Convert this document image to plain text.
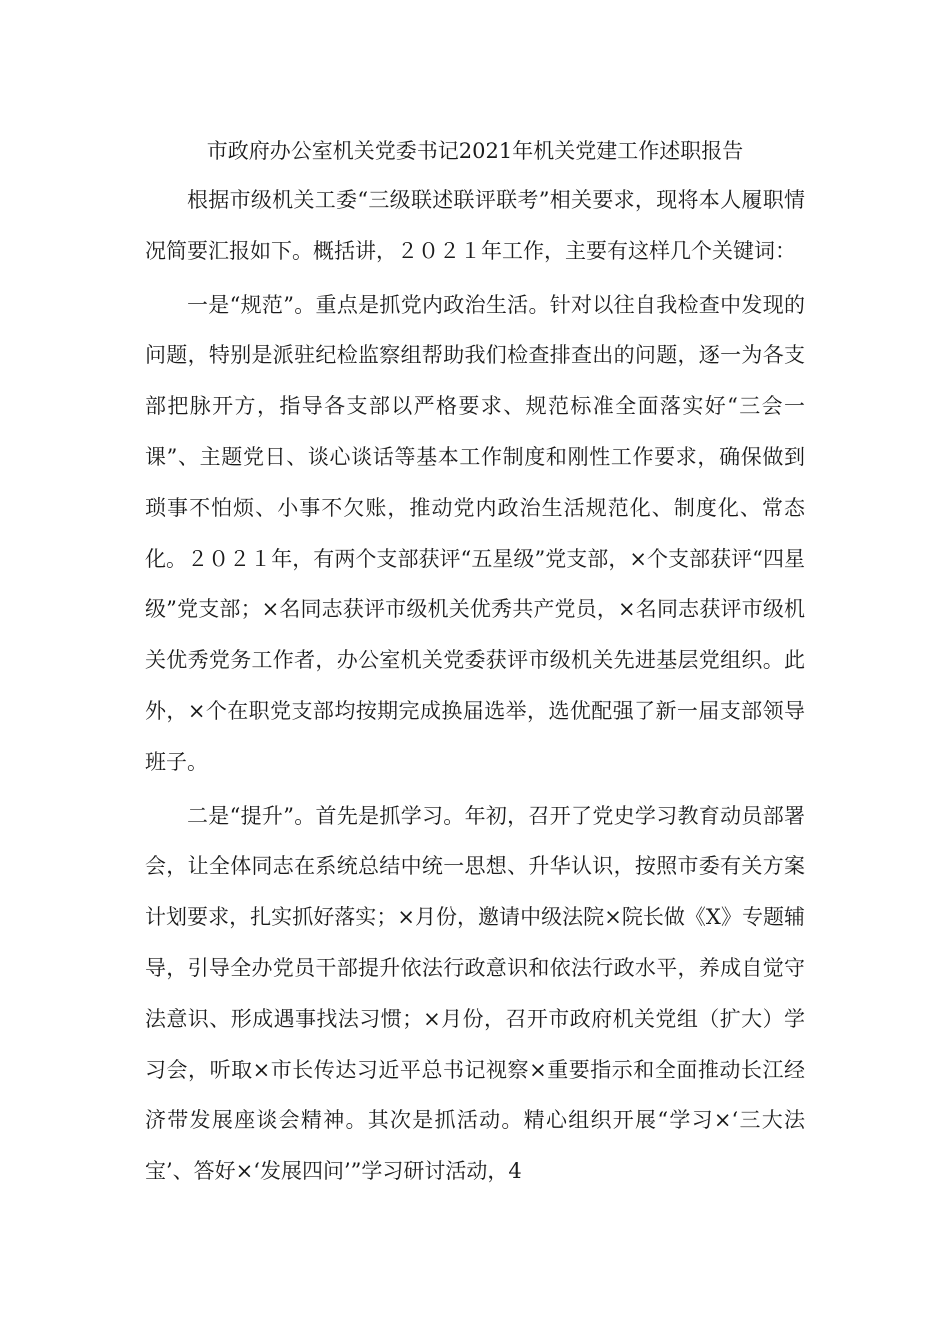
市政府办公室机关党委书记2021年机关党建工作述职报告

根据市级机关工委“三级联述联评联考”相关要求，现将本人履职情况简要汇报如下。概括讲，２０２１年工作，主要有这样几个关键词：

一是“规范”。重点是抓党内政治生活。针对以往自我检查中发现的问题，特别是派驻纪检监察组帮助我们检查排查出的问题，逐一为各支部把脉开方，指导各支部以严格要求、规范标准全面落实好“三会一课”、主题党日、谈心谈话等基本工作制度和刚性工作要求，确保做到琐事不怕烦、小事不欠账，推动党内政治生活规范化、制度化、常态化。２０２１年，有两个支部获评“五星级”党支部，×个支部获评“四星级”党支部；×名同志获评市级机关优秀共产党员，×名同志获评市级机关优秀党务工作者，办公室机关党委获评市级机关先进基层党组织。此外，×个在职党支部均按期完成换届选举，选优配强了新一届支部领导班子。

二是“提升”。首先是抓学习。年初，召开了党史学习教育动员部署会，让全体同志在系统总结中统一思想、升华认识，按照市委有关方案计划要求，扎实抓好落实；×月份，邀请中级法院×院长做《X》专题辅导，引导全办党员干部提升依法行政意识和依法行政水平，养成自觉守法意识、形成遇事找法习惯；×月份，召开市政府机关党组（扩大）学习会，听取×市长传达习近平总书记视察×重要指示和全面推动长江经济带发展座谈会精神。其次是抓活动。精心组织开展“学习×‘三大法宝’、答好×‘发展四问’”学习研讨活动，4
